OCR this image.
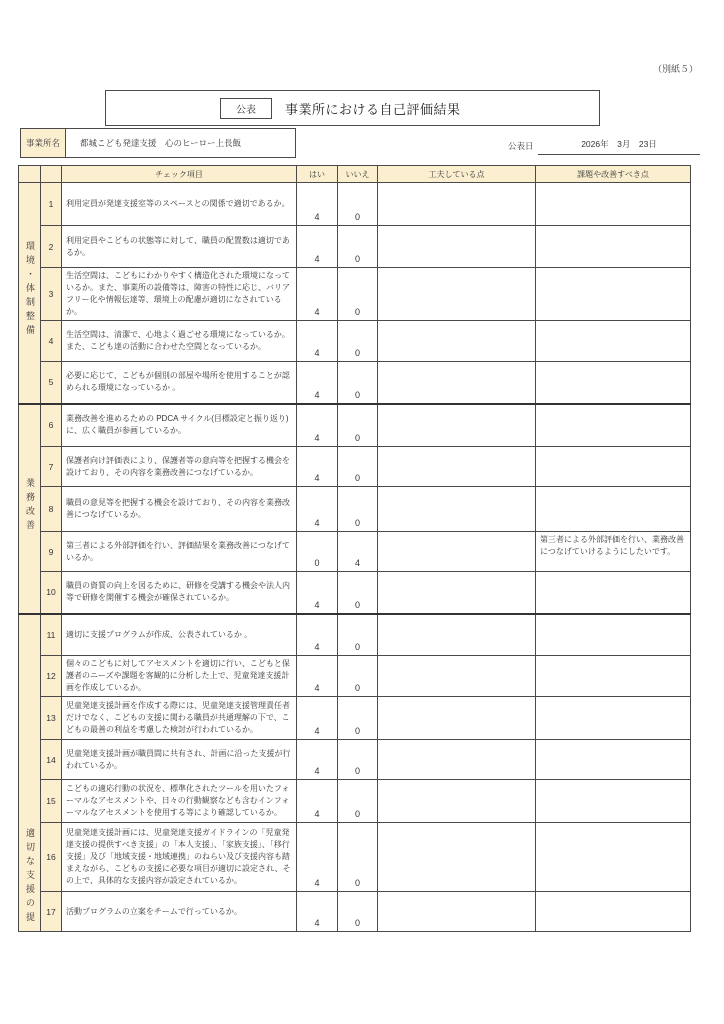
（別紙５）
公表	事業所における自己評価結果
事業所名	都城こども発達支援　心のヒーロー上長飯	公表日	2026年　3月　23日
		チェック項目	はい	いいえ	工夫している点	課題や改善すべき点
環境・体制整備	1	利用定員が発達支援室等のスペースとの関係で適切であるか。	4	0		
	2	利用定員やこどもの状態等に対して、職員の配置数は適切であるか。	4	0		
	3	生活空間は、こどもにわかりやすく構造化された環境になっているか。また、事業所の設備等は、障害の特性に応じ、バリアフリー化や情報伝達等、環境上の配慮が適切になされているか。	4	0		
	4	生活空間は、清潔で、心地よく過ごせる環境になっているか。また、こども達の活動に合わせた空間となっているか。	4	0		
	5	必要に応じて、こどもが個別の部屋や場所を使用することが認められる環境になっているか 。	4	0		
業務改善	6	業務改善を進めるための PDCA サイクル(目標設定と振り返り)に、広く職員が参画しているか。	4	0		
	7	保護者向け評価表により、保護者等の意向等を把握する機会を設けており、その内容を業務改善につなげているか。	4	0		
	8	職員の意見等を把握する機会を設けており、その内容を業務改善につなげているか。	4	0		
	9	第三者による外部評価を行い、評価結果を業務改善につなげているか。	0	4		第三者による外部評価を行い、業務改善につなげていけるようにしたいです。
	10	職員の資質の向上を図るために、研修を受講する機会や法人内等で研修を開催する機会が確保されているか。	4	0		
適切な支援の提	11	適切に支援プログラムが作成、公表されているか 。	4	0		
	12	個々のこどもに対してアセスメントを適切に行い、こどもと保護者のニーズや課題を客観的に分析した上で、児童発達支援計画を作成しているか。	4	0		
	13	児童発達支援計画を作成する際には、児童発達支援管理責任者だけでなく、こどもの支援に関わる職員が共通理解の下で、こどもの最善の利益を考慮した検討が行われているか。	4	0		
	14	児童発達支援計画が職員間に共有され、計画に沿った支援が行われているか。	4	0		
	15	こどもの適応行動の状況を、標準化されたツールを用いたフォーマルなアセスメントや、日々の行動観察なども含むインフォーマルなアセスメントを使用する等により確認しているか。	4	0		
	16	児童発達支援計画には、児童発達支援ガイドラインの「児童発達支援の提供すべき支援」の「本人支援」、「家族支援」、「移行支援」及び「地域支援・地域連携」のねらい及び支援内容も踏まえながら、こどもの支援に必要な項目が適切に設定され、その上で、具体的な支援内容が設定されているか。	4	0		
	17	活動プログラムの立案をチームで行っているか。	4	0		
